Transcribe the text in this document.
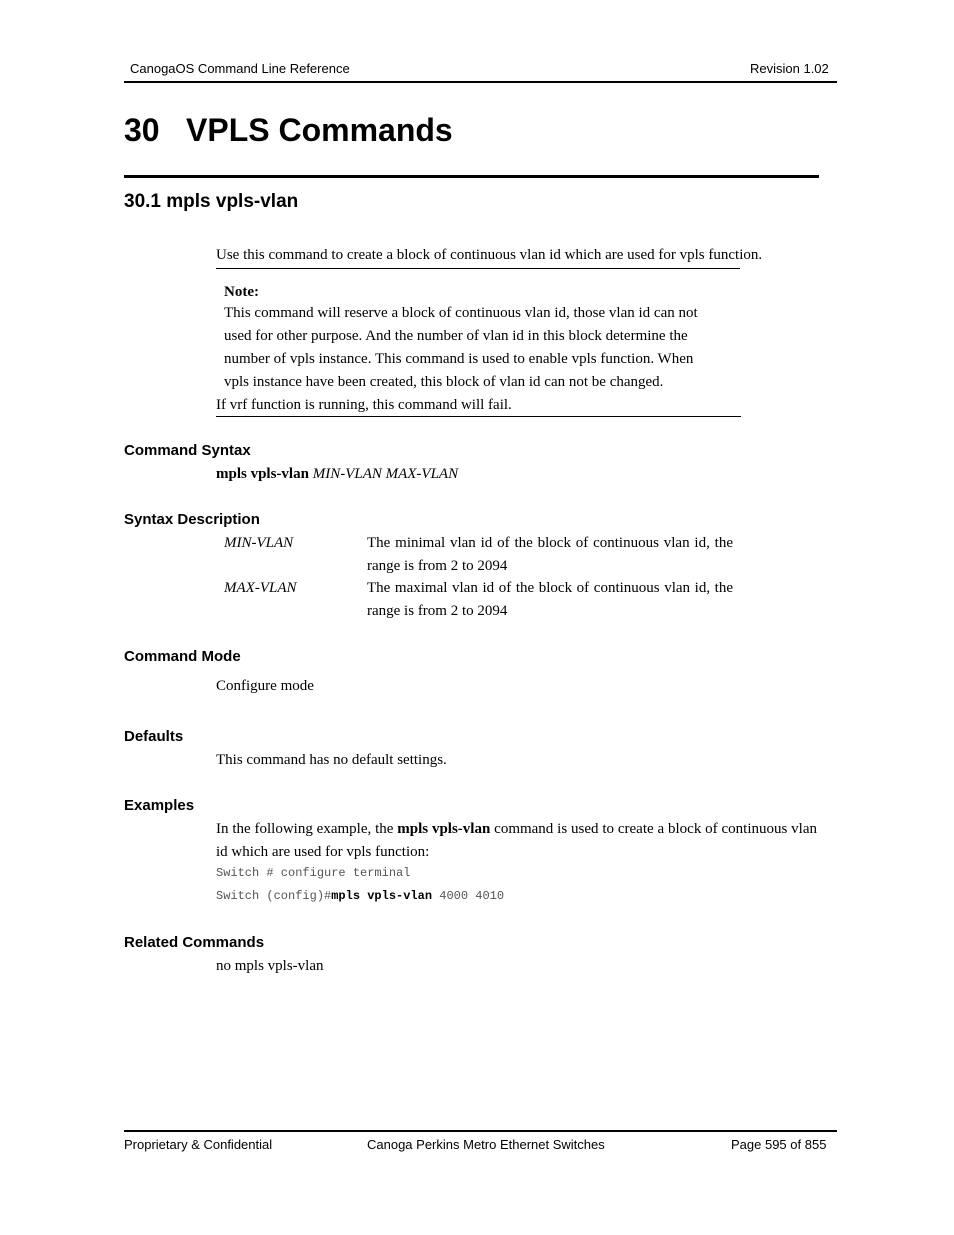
CanogaOS Command Line Reference	Revision 1.02
30 VPLS Commands
30.1 mpls vpls-vlan
Use this command to create a block of continuous vlan id which are used for vpls function.
Note:
This command will reserve a block of continuous vlan id, those vlan id can not
used for other purpose. And the number of vlan id in this block determine the
number of vpls instance. This command is used to enable vpls function. When
vpls instance have been created, this block of vlan id can not be changed.
If vrf function is running, this command will fail.
Command Syntax
mpls vpls-vlan MIN-VLAN MAX-VLAN
Syntax Description
MIN-VLAN	The minimal vlan id of the block of continuous vlan id, the range is from 2 to 2094
MAX-VLAN	The maximal vlan id of the block of continuous vlan id, the range is from 2 to 2094
Command Mode
Configure mode
Defaults
This command has no default settings.
Examples
In the following example, the mpls vpls-vlan command is used to create a block of continuous vlan id which are used for vpls function:
Switch # configure terminal
Switch (config)#mpls vpls-vlan 4000 4010
Related Commands
no mpls vpls-vlan
Proprietary & Confidential	Canoga Perkins Metro Ethernet Switches	Page 595 of 855
